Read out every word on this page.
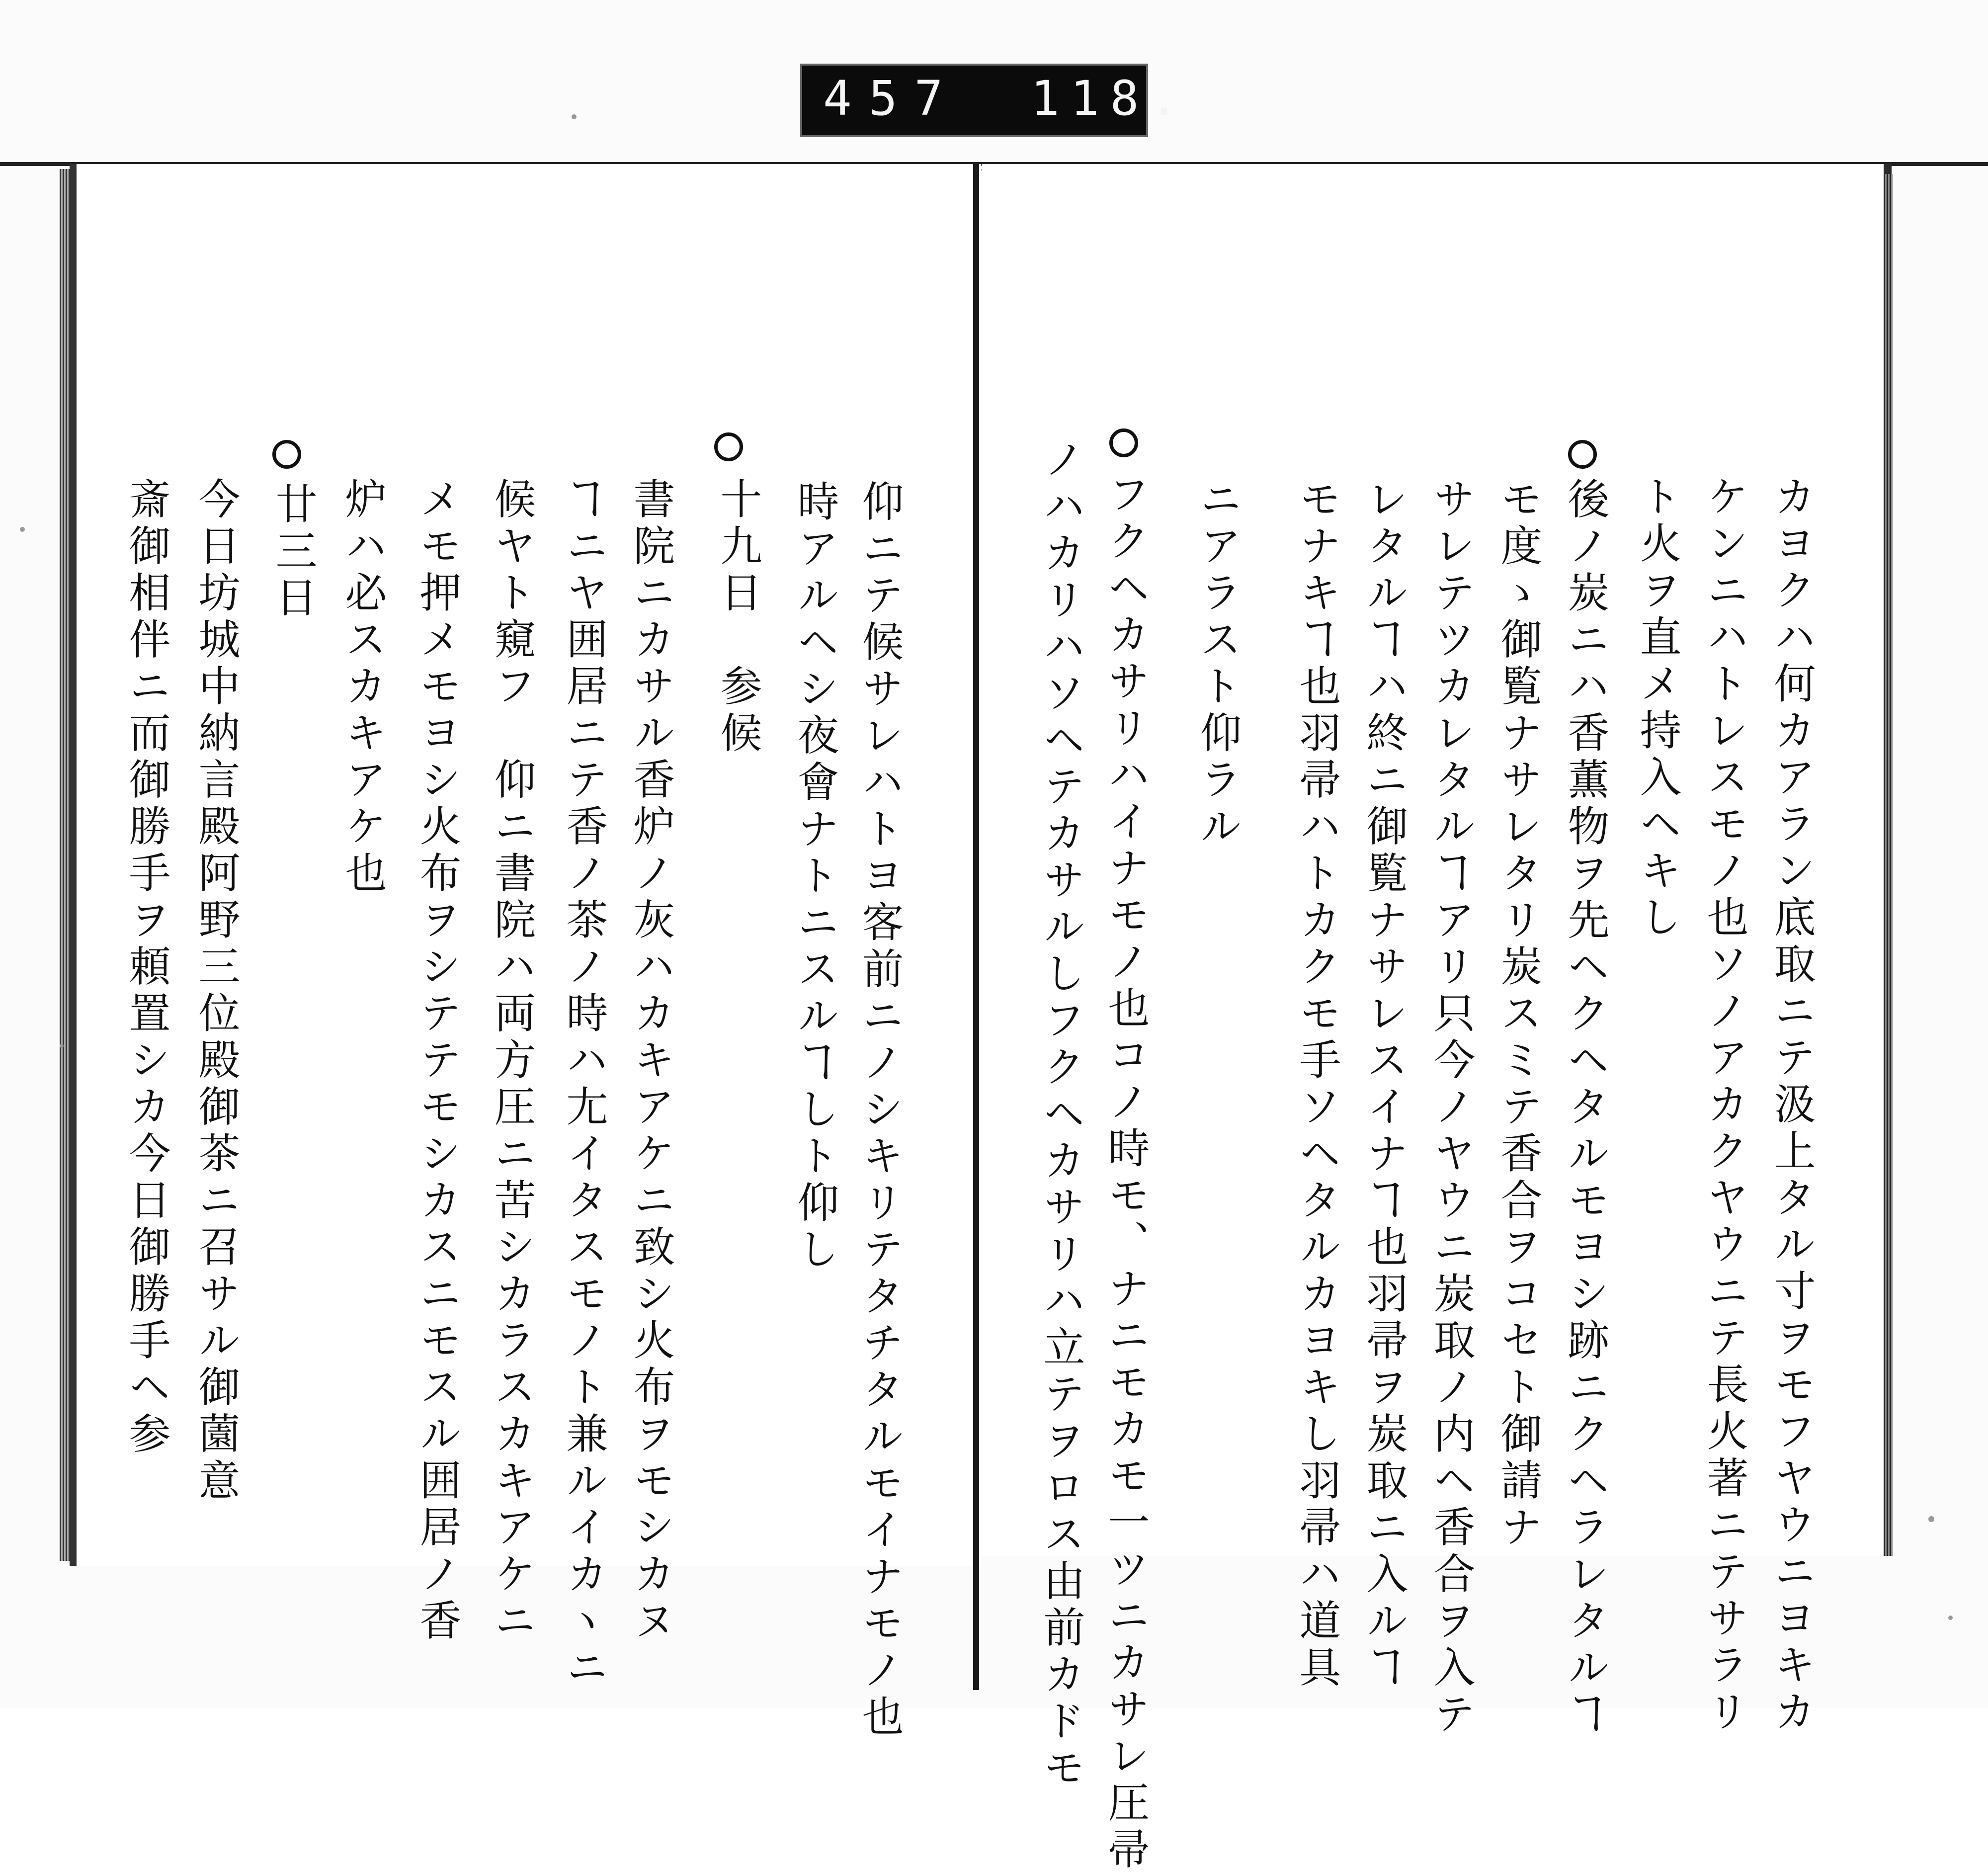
457 118.
カヨクハ何カアラン底取ニテ汲上タル寸ヲモフヤウニヨキカ
ケンニハトレスモノ也ソノアカクヤウニテ長火著ニテサラリ
ト火ヲ直メ持入ヘキし
後ノ炭ニハ香薫物ヲ先ヘクヘタルモヨシ跡ニクヘラレタルヿ
モ度ゝ御覧ナサレタリ炭スミテ香合ヲコセト御請ナ
サレテツカレタルヿアリ只今ノヤウニ炭取ノ内ヘ香合ヲ入テ
レタルヿハ終ニ御覧ナサレスイナヿ也羽帚ヲ炭取ニ入ルヿ
モナキヿ也羽帚ハトカクモ手ソヘタルカヨキし羽帚ハ道具
ニアラスト仰ラル
フクヘカサリハイナモノ也コノ時モ、ナニモカモ一ツニカサレ圧帚
ノハカリハソヘテカサルしフクヘカサリハ立テヲロス由前カドモ
仰ニテ候サレハトヨ客前ニノシキリテタチタルモイナモノ也
時アルヘシ夜會ナトニスルヿしト仰し
十九日　参候
書院ニカサル香炉ノ灰ハカキアケニ致シ火布ヲモシカヌ
ヿニヤ囲居ニテ香ノ茶ノ時ハ尢イタスモノト兼ルイカヽニ
候ヤト窺フ　仰ニ書院ハ両方圧ニ苦シカラスカキアケニ
メモ押メモヨシ火布ヲシテテモシカスニモスル囲居ノ香
炉ハ必スカキアケ也
廿三日
今日坊城中納言殿阿野三位殿御茶ニ召サル御薗意
斎御相伴ニ而御勝手ヲ頼置シカ今日御勝手ヘ参
